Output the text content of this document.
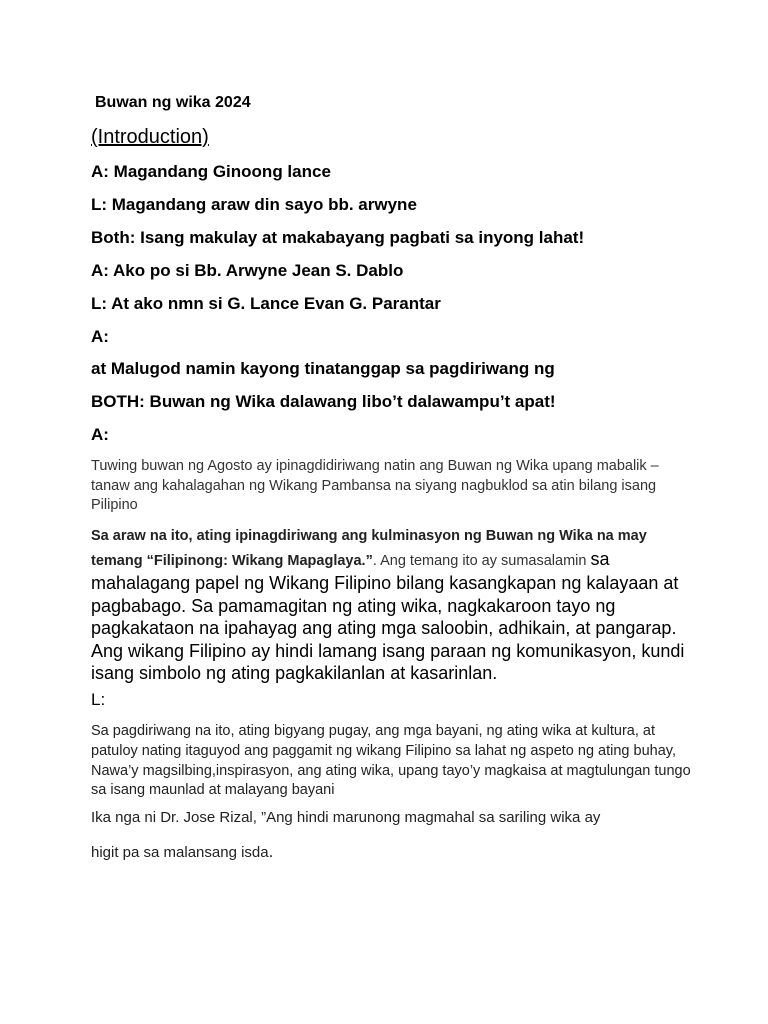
Buwan ng wika 2024

(Introduction)

A: Magandang Ginoong lance

L: Magandang araw din sayo bb. arwyne

Both: Isang makulay at makabayang pagbati sa inyong lahat!

A: Ako po si Bb. Arwyne Jean S. Dablo

L: At ako nmn si G. Lance Evan G. Parantar

A:

at Malugod namin kayong tinatanggap sa pagdiriwang ng

BOTH: Buwan ng Wika dalawang libo’t dalawampu’t apat!

A:

Tuwing buwan ng Agosto ay ipinagdidiriwang natin ang Buwan ng Wika upang mabalik – tanaw ang kahalagahan ng Wikang Pambansa na siyang nagbuklod sa atin bilang isang Pilipino

Sa araw na ito, ating ipinagdiriwang ang kulminasyon ng Buwan ng Wika na may temang “Filipinong: Wikang Mapaglaya.”. Ang temang ito ay sumasalamin sa mahalagang papel ng Wikang Filipino bilang kasangkapan ng kalayaan at pagbabago. Sa pamamagitan ng ating wika, nagkakaroon tayo ng pagkakataon na ipahayag ang ating mga saloobin, adhikain, at pangarap. Ang wikang Filipino ay hindi lamang isang paraan ng komunikasyon, kundi isang simbolo ng ating pagkakilanlan at kasarinlan.

L:

Sa pagdiriwang na ito, ating bigyang pugay, ang mga bayani, ng ating wika at kultura, at patuloy nating itaguyod ang paggamit ng wikang Filipino sa lahat ng aspeto ng ating buhay, Nawa’y magsilbing,inspirasyon, ang ating wika, upang tayo’y magkaisa at magtulungan tungo sa isang maunlad at malayang bayani

Ika nga ni Dr. Jose Rizal, ”Ang hindi marunong magmahal sa sariling wika ay

higit pa sa malansang isda.
